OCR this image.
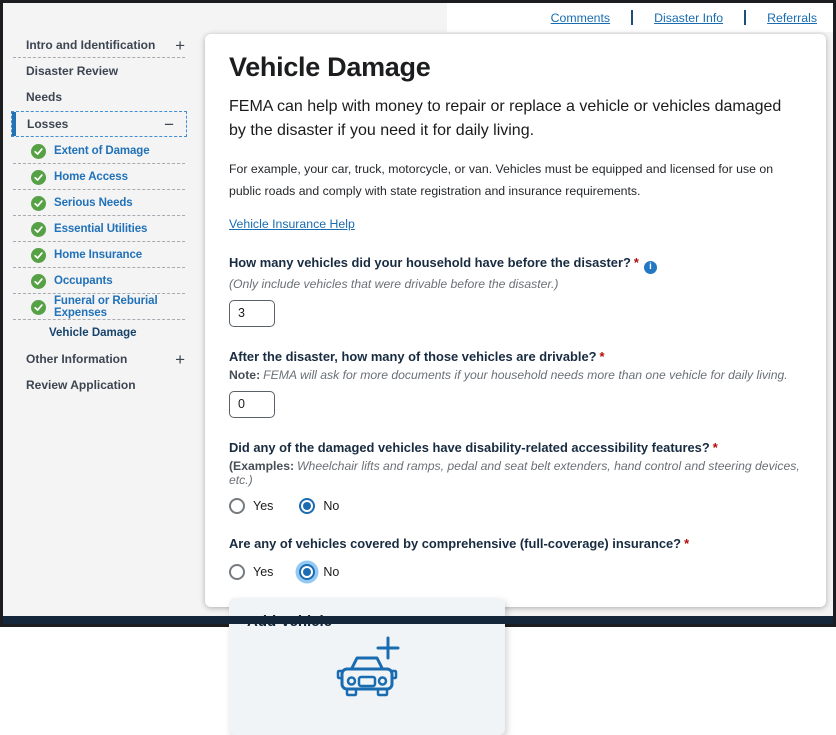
Comments	Disaster Info	Referrals
Intro and Identification
+
Disaster Review
Needs
Losses
−
Extent of Damage
Home Access
Serious Needs
Essential Utilities
Home Insurance
Occupants
Funeral or Reburial Expenses
Vehicle Damage
Other Information
+
Review Application
Vehicle Damage

FEMA can help with money to repair or replace a vehicle or vehicles damaged by the disaster if you need it for daily living.

For example, your car, truck, motorcycle, or van. Vehicles must be equipped and licensed for use on public roads and comply with state registration and insurance requirements.

Vehicle Insurance Help
How many vehicles did your household have before the disaster? *i
(Only include vehicles that were drivable before the disaster.)
3
After the disaster, how many of those vehicles are drivable? *
Note: FEMA will ask for more documents if your household needs more than one vehicle for daily living.
0
Did any of the damaged vehicles have disability-related accessibility features? *
(Examples: Wheelchair lifts and ramps, pedal and seat belt extenders, hand control and steering devices, etc.)
Yes	No
Are any of vehicles covered by comprehensive (full-coverage) insurance? *
Yes	No
